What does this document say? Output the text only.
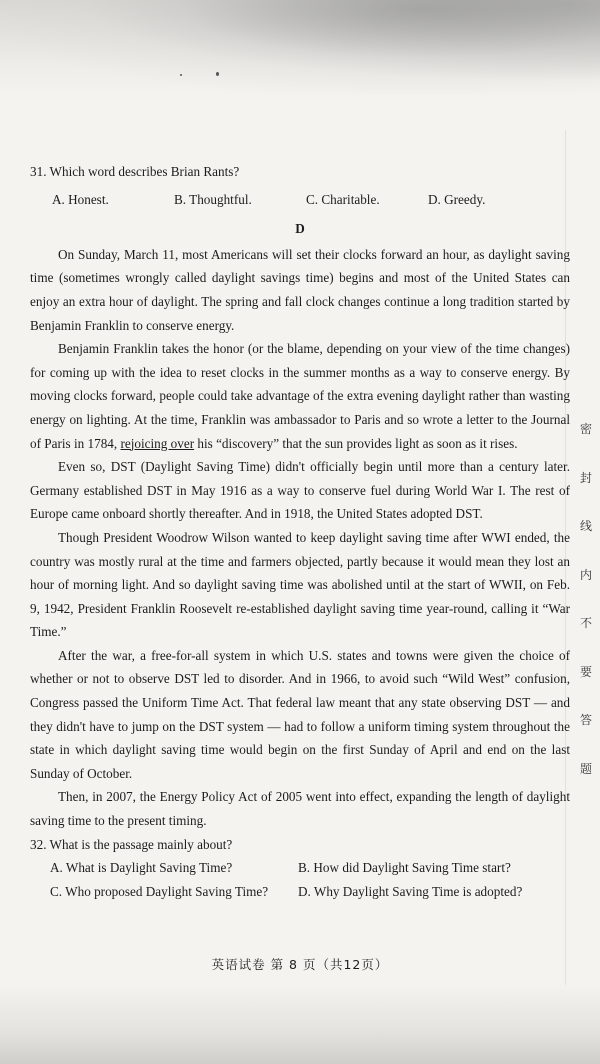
31. Which word describes Brian Rants?

A. Honest.	B. Thoughtful.	C. Charitable.	D. Greedy.
D

On Sunday, March 11, most Americans will set their clocks forward an hour, as daylight saving time (sometimes wrongly called daylight savings time) begins and most of the United States can enjoy an extra hour of daylight. The spring and fall clock changes continue a long tradition started by Benjamin Franklin to conserve energy.

Benjamin Franklin takes the honor (or the blame, depending on your view of the time changes) for coming up with the idea to reset clocks in the summer months as a way to conserve energy. By moving clocks forward, people could take advantage of the extra evening daylight rather than wasting energy on lighting. At the time, Franklin was ambassador to Paris and so wrote a letter to the Journal of Paris in 1784, rejoicing over his “discovery” that the sun provides light as soon as it rises.

Even so, DST (Daylight Saving Time) didn't officially begin until more than a century later. Germany established DST in May 1916 as a way to conserve fuel during World War I. The rest of Europe came onboard shortly thereafter. And in 1918, the United States adopted DST.

Though President Woodrow Wilson wanted to keep daylight saving time after WWI ended, the country was mostly rural at the time and farmers objected, partly because it would mean they lost an hour of morning light. And so daylight saving time was abolished until at the start of WWII, on Feb. 9, 1942, President Franklin Roosevelt re-established daylight saving time year-round, calling it “War Time.”

After the war, a free-for-all system in which U.S. states and towns were given the choice of whether or not to observe DST led to disorder. And in 1966, to avoid such “Wild West” confusion, Congress passed the Uniform Time Act. That federal law meant that any state observing DST — and they didn't have to jump on the DST system — had to follow a uniform timing system throughout the state in which daylight saving time would begin on the first Sunday of April and end on the last Sunday of October.

Then, in 2007, the Energy Policy Act of 2005 went into effect, expanding the length of daylight saving time to the present timing.

32. What is the passage mainly about?

A. What is Daylight Saving Time?	B. How did Daylight Saving Time start?
C. Who proposed Daylight Saving Time?	D. Why Daylight Saving Time is adopted?
英语试卷 第 8 页（共12页）
密
封
线
内
不
要
答
题
